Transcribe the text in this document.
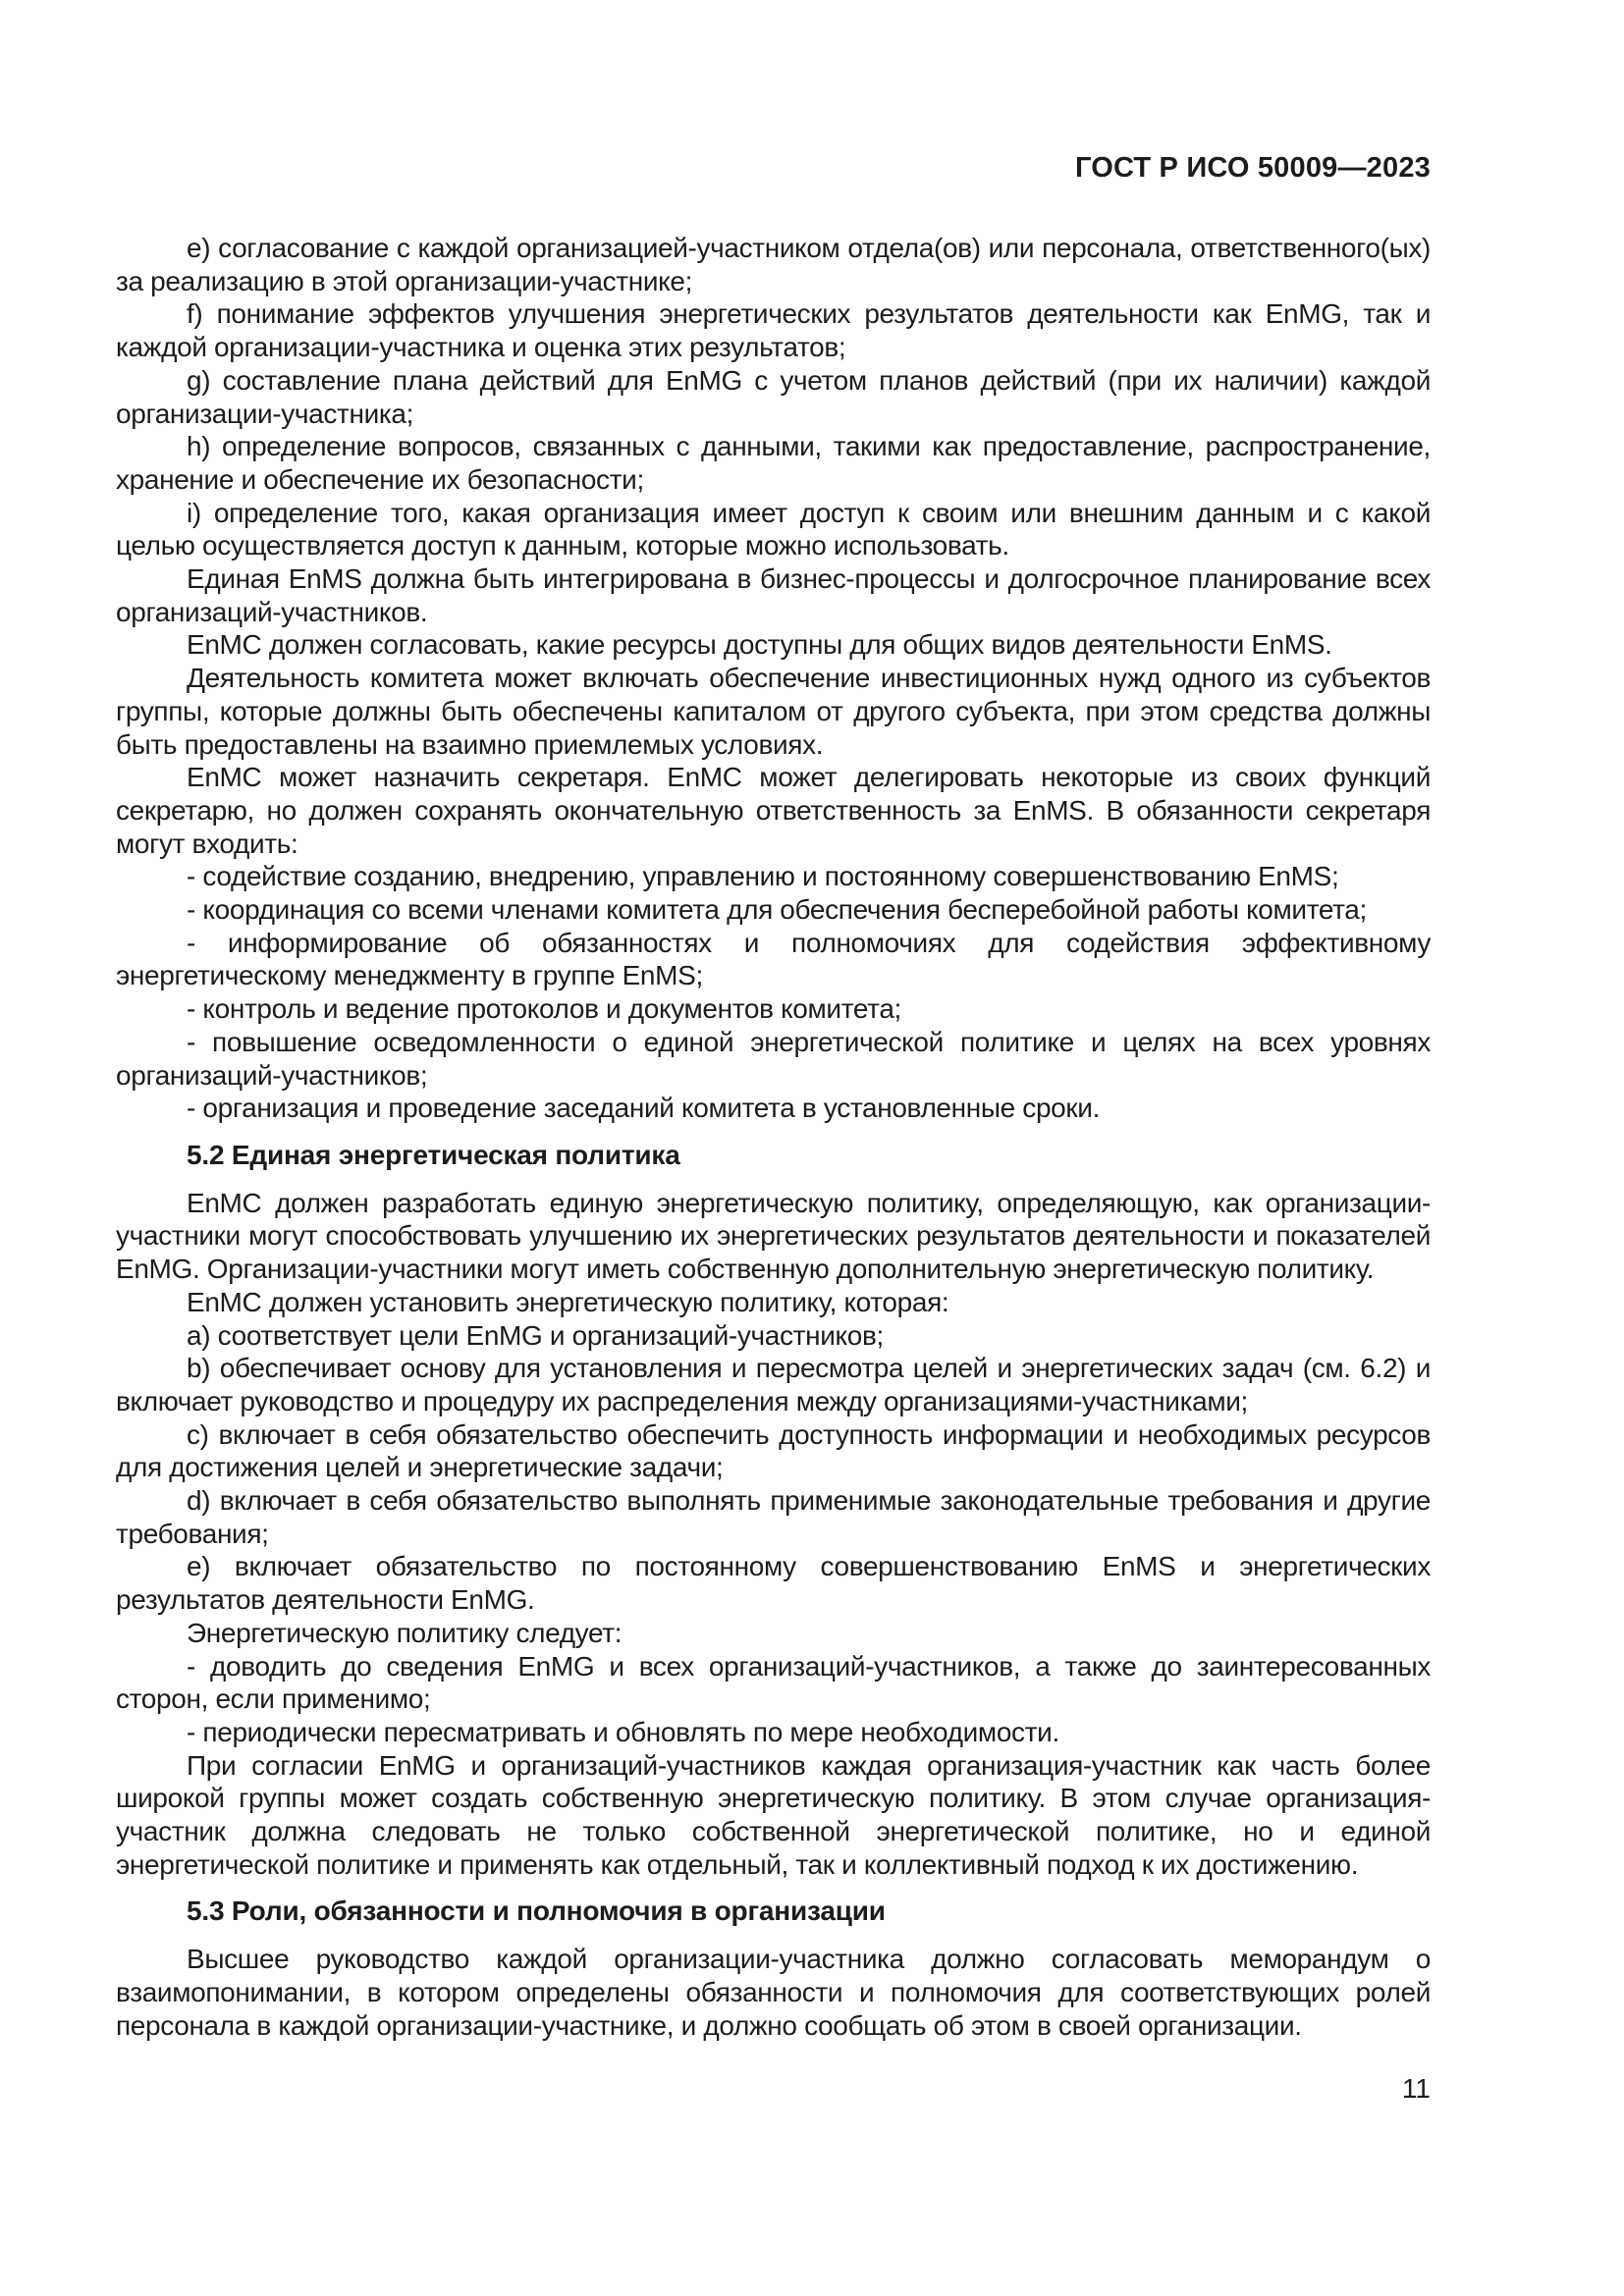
ГОСТ Р ИСО 50009—2023

е) согласование с каждой организацией-участником отдела(ов) или персонала, ответственного(ых) за реализацию в этой организации-участнике;

f) понимание эффектов улучшения энергетических результатов деятельности как EnMG, так и каждой организации-участника и оценка этих результатов;

g) составление плана действий для EnMG с учетом планов действий (при их наличии) каждой организации-участника;

h) определение вопросов, связанных с данными, такими как предоставление, распространение, хранение и обеспечение их безопасности;

i) определение того, какая организация имеет доступ к своим или внешним данным и с какой целью осуществляется доступ к данным, которые можно использовать.

Единая EnMS должна быть интегрирована в бизнес-процессы и долгосрочное планирование всех организаций-участников.

EnMC должен согласовать, какие ресурсы доступны для общих видов деятельности EnMS.

Деятельность комитета может включать обеспечение инвестиционных нужд одного из субъектов группы, которые должны быть обеспечены капиталом от другого субъекта, при этом средства должны быть предоставлены на взаимно приемлемых условиях.

EnMC может назначить секретаря. EnMC может делегировать некоторые из своих функций секретарю, но должен сохранять окончательную ответственность за EnMS. В обязанности секретаря могут входить:

- содействие созданию, внедрению, управлению и постоянному совершенствованию EnMS;

- координация со всеми членами комитета для обеспечения бесперебойной работы комитета;

- информирование об обязанностях и полномочиях для содействия эффективному энергетическому менеджменту в группе EnMS;

- контроль и ведение протоколов и документов комитета;

- повышение осведомленности о единой энергетической политике и целях на всех уровнях организаций-участников;

- организация и проведение заседаний комитета в установленные сроки.

5.2 Единая энергетическая политика

EnMC должен разработать единую энергетическую политику, определяющую, как организации-участники могут способствовать улучшению их энергетических результатов деятельности и показателей EnMG. Организации-участники могут иметь собственную дополнительную энергетическую политику.

EnMC должен установить энергетическую политику, которая:

a) соответствует цели EnMG и организаций-участников;

b) обеспечивает основу для установления и пересмотра целей и энергетических задач (см. 6.2) и включает руководство и процедуру их распределения между организациями-участниками;

c) включает в себя обязательство обеспечить доступность информации и необходимых ресурсов для достижения целей и энергетические задачи;

d) включает в себя обязательство выполнять применимые законодательные требования и другие требования;

e) включает обязательство по постоянному совершенствованию EnMS и энергетических результатов деятельности EnMG.

Энергетическую политику следует:

- доводить до сведения EnMG и всех организаций-участников, а также до заинтересованных сторон, если применимо;

- периодически пересматривать и обновлять по мере необходимости.

При согласии EnMG и организаций-участников каждая организация-участник как часть более широкой группы может создать собственную энергетическую политику. В этом случае организация-участник должна следовать не только собственной энергетической политике, но и единой энергетической политике и применять как отдельный, так и коллективный подход к их достижению.

5.3 Роли, обязанности и полномочия в организации

Высшее руководство каждой организации-участника должно согласовать меморандум о взаимопонимании, в котором определены обязанности и полномочия для соответствующих ролей персонала в каждой организации-участнике, и должно сообщать об этом в своей организации.

11
